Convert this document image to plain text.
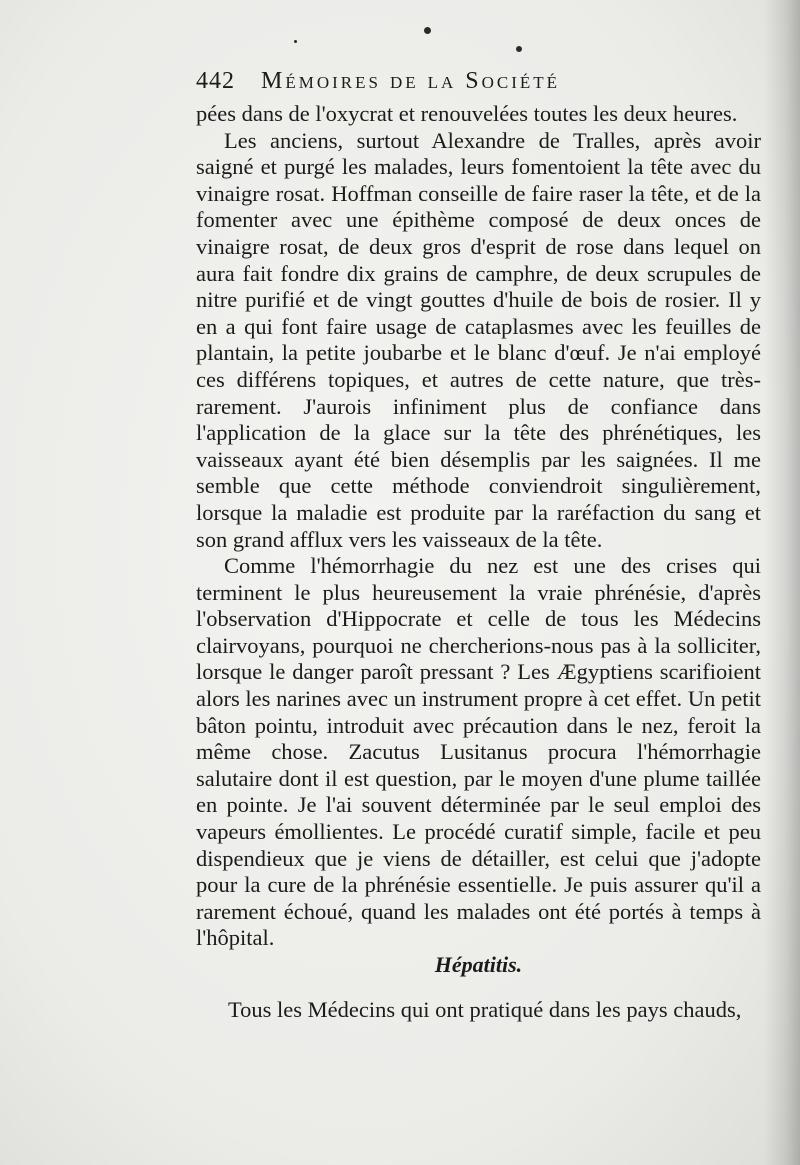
442 Mémoires de la Société

pées dans de l'oxycrat et renouvelées toutes les deux heures.

Les anciens, surtout Alexandre de Tralles, après avoir saigné et purgé les malades, leurs fomentoient la tête avec du vinaigre rosat. Hoffman conseille de faire raser la tête, et de la fomenter avec une épithème composé de deux onces de vinaigre rosat, de deux gros d'esprit de rose dans lequel on aura fait fondre dix grains de camphre, de deux scrupules de nitre purifié et de vingt gouttes d'huile de bois de rosier. Il y en a qui font faire usage de cataplasmes avec les feuilles de plantain, la petite joubarbe et le blanc d'œuf. Je n'ai employé ces différens topiques, et autres de cette nature, que très-rarement. J'aurois infiniment plus de confiance dans l'application de la glace sur la tête des phrénétiques, les vaisseaux ayant été bien désemplis par les saignées. Il me semble que cette méthode conviendroit singulièrement, lorsque la maladie est produite par la raréfaction du sang et son grand afflux vers les vaisseaux de la tête.

Comme l'hémorrhagie du nez est une des crises qui terminent le plus heureusement la vraie phrénésie, d'après l'observation d'Hippocrate et celle de tous les Médecins clairvoyans, pourquoi ne chercherions-nous pas à la solliciter, lorsque le danger paroît pressant ? Les Ægyptiens scarifioient alors les narines avec un instrument propre à cet effet. Un petit bâton pointu, introduit avec précaution dans le nez, feroit la même chose. Zacutus Lusitanus procura l'hémorrhagie salutaire dont il est question, par le moyen d'une plume taillée en pointe. Je l'ai souvent déterminée par le seul emploi des vapeurs émollientes. Le procédé curatif simple, facile et peu dispendieux que je viens de détailler, est celui que j'adopte pour la cure de la phrénésie essentielle. Je puis assurer qu'il a rarement échoué, quand les malades ont été portés à temps à l'hôpital.

Hépatitis.

Tous les Médecins qui ont pratiqué dans les pays chauds,
